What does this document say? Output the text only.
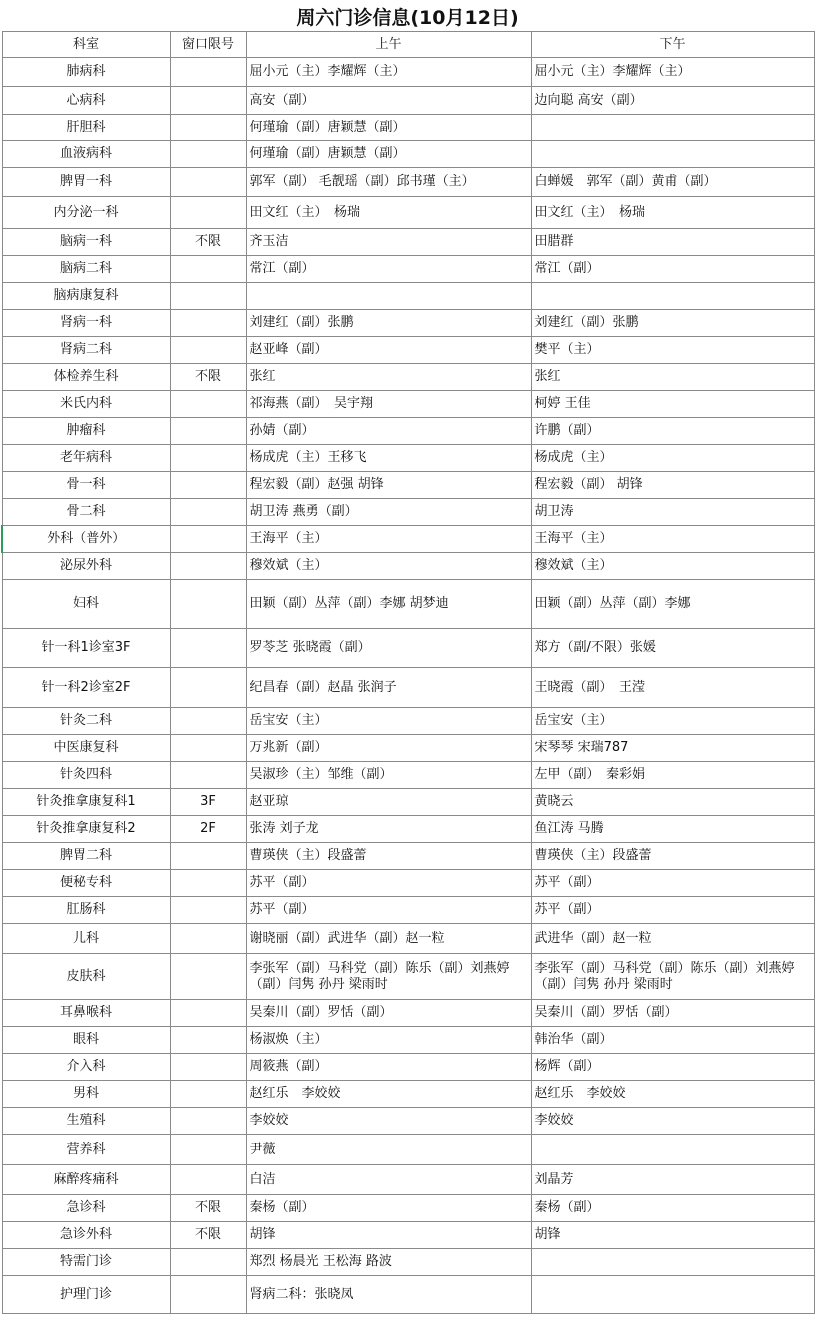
周六门诊信息(10月12日)
科室	窗口限号	上午	下午
肺病科		屈小元（主）李耀辉（主）	屈小元（主）李耀辉（主）
心病科		高安（副）	边向聪 高安（副）
肝胆科		何瑾瑜（副）唐颖慧（副）	
血液病科		何瑾瑜（副）唐颖慧（副）	
脾胃一科		郭军（副） 毛靓瑶（副）邱书瑾（主）	白蝉媛　郭军（副）黄甫（副）
内分泌一科		田文红（主）　杨瑞	田文红（主）　杨瑞
脑病一科	不限	齐玉洁	田腊群
脑病二科		常江（副）	常江（副）
脑病康复科			
肾病一科		刘建红（副）张鹏	刘建红（副）张鹏
肾病二科		赵亚峰（副）	樊平（主）
体检养生科	不限	张红	张红
米氏内科		祁海燕（副）　吴宇翔	柯婷 王佳
肿瘤科		孙婧（副）	许鹏（副）
老年病科		杨成虎（主）王移飞	杨成虎（主）
骨一科		程宏毅（副）赵强 胡锋	程宏毅（副） 胡锋
骨二科		胡卫涛 燕勇（副）	胡卫涛
外科（普外）		王海平（主）	王海平（主）
泌尿外科		穆效斌（主）	穆效斌（主）
妇科		田颖（副）丛萍（副）李娜 胡梦迪	田颖（副）丛萍（副）李娜
针一科1诊室3F		罗苓芝 张晓霞（副）	郑方（副/不限）张媛
针一科2诊室2F		纪昌春（副）赵晶 张润子	王晓霞（副）　王滢
针灸二科		岳宝安（主）	岳宝安（主）
中医康复科		万兆新（副）	宋琴琴 宋瑞787
针灸四科		吴淑珍（主）邹维（副）	左甲（副）　秦彩娟
针灸推拿康复科1	3F	赵亚琼	黄晓云
针灸推拿康复科2	2F	张涛 刘子龙	鱼江涛 马腾
脾胃二科		曹瑛侠（主）段盛蕾	曹瑛侠（主）段盛蕾
便秘专科		苏平（副）	苏平（副）
肛肠科		苏平（副）	苏平（副）
儿科		谢晓丽（副）武进华（副）赵一粒	武进华（副）赵一粒
皮肤科		李张军（副）马科党（副）陈乐（副）刘燕婷（副）闫隽 孙丹 梁雨时	李张军（副）马科党（副）陈乐（副）刘燕婷（副）闫隽 孙丹 梁雨时
耳鼻喉科		吴秦川（副）罗恬（副）	吴秦川（副）罗恬（副）
眼科		杨淑焕（主）	韩治华（副）
介入科		周筱燕（副）	杨辉（副）
男科		赵红乐　李姣姣	赵红乐　李姣姣
生殖科		李姣姣	李姣姣
营养科		尹薇	
麻醉疼痛科		白洁	刘晶芳
急诊科	不限	秦杨（副）	秦杨（副）
急诊外科	不限	胡锋	胡锋
特需门诊		郑烈 杨晨光 王松海 路波	
护理门诊		肾病二科：张晓凤	
